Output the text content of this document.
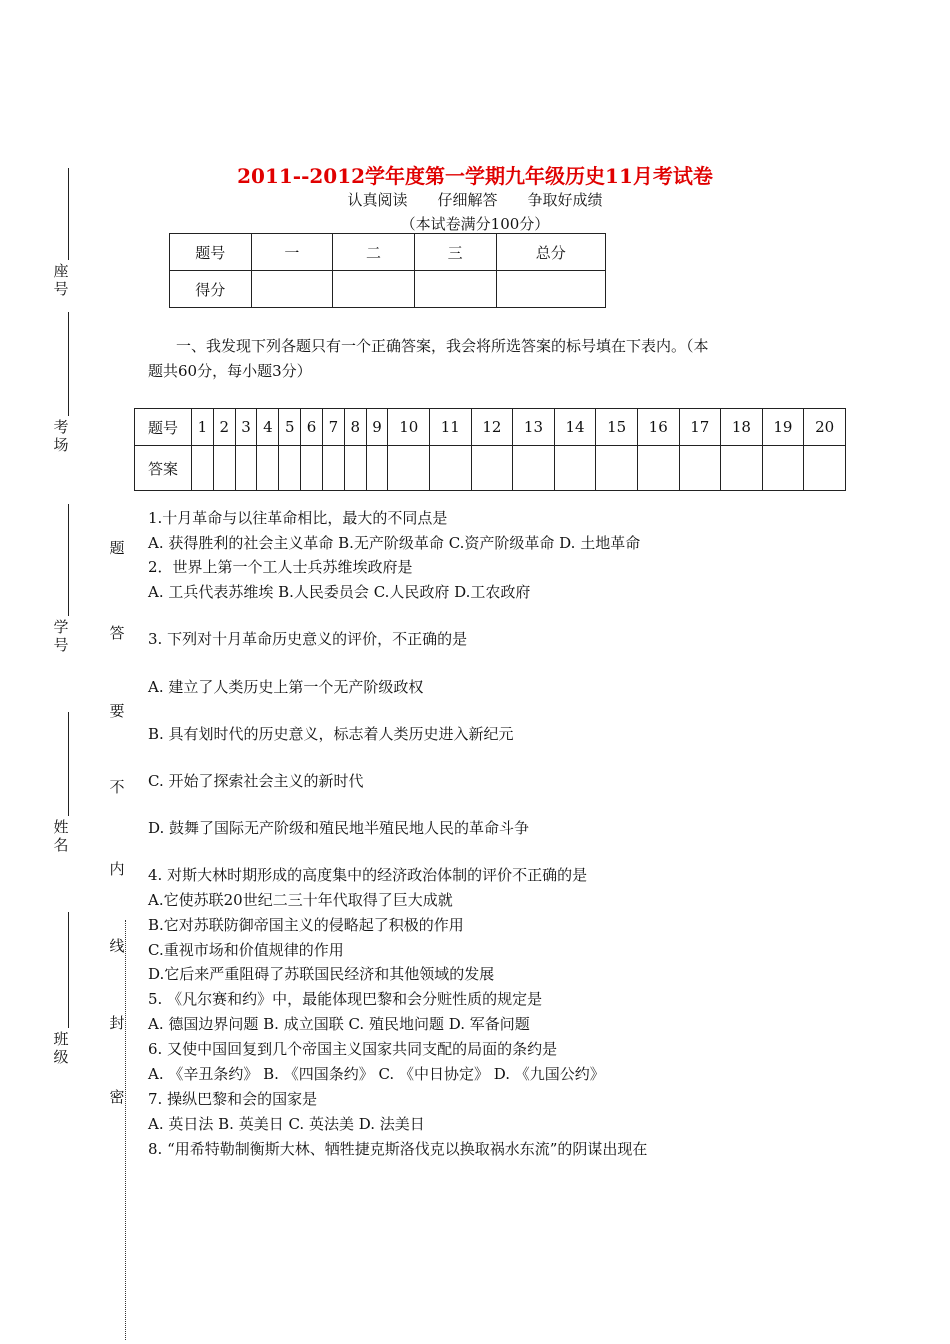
座号
考场
学号
姓名
班级
题
答
要
不
内
线
封
密
2011--2012学年度第一学期九年级历史11月考试卷
认真阅读　　仔细解答　　争取好成绩
（本试卷满分100分）
题号	一	二	三	总分
得分				
一、我发现下列各题只有一个正确答案，我会将所选答案的标号填在下表内。（本
题共60分，每小题3分）
题号	1	2	3	4	5	6	7	8	9	10	11	12	13	14	15	16	17	18	19	20
答案																				
1.十月革命与以往革命相比，最大的不同点是
A. 获得胜利的社会主义革命 B.无产阶级革命 C.资产阶级革命 D. 土地革命
2．世界上第一个工人士兵苏维埃政府是
A. 工兵代表苏维埃 B.人民委员会 C.人民政府 D.工农政府
3. 下列对十月革命历史意义的评价，不正确的是
A. 建立了人类历史上第一个无产阶级政权
B. 具有划时代的历史意义，标志着人类历史进入新纪元
C. 开始了探索社会主义的新时代
D. 鼓舞了国际无产阶级和殖民地半殖民地人民的革命斗争
4. 对斯大林时期形成的高度集中的经济政治体制的评价不正确的是
A.它使苏联20世纪二三十年代取得了巨大成就
B.它对苏联防御帝国主义的侵略起了积极的作用
C.重视市场和价值规律的作用
D.它后来严重阻碍了苏联国民经济和其他领域的发展
5. 《凡尔赛和约》中，最能体现巴黎和会分赃性质的规定是
A. 德国边界问题 B. 成立国联 C. 殖民地问题 D. 军备问题
6. 又使中国回复到几个帝国主义国家共同支配的局面的条约是
A. 《辛丑条约》 B. 《四国条约》 C. 《中日协定》 D. 《九国公约》
7. 操纵巴黎和会的国家是
A. 英日法 B. 英美日 C. 英法美 D. 法美日
8. “用希特勒制衡斯大林、牺牲捷克斯洛伐克以换取祸水东流”的阴谋出现在
